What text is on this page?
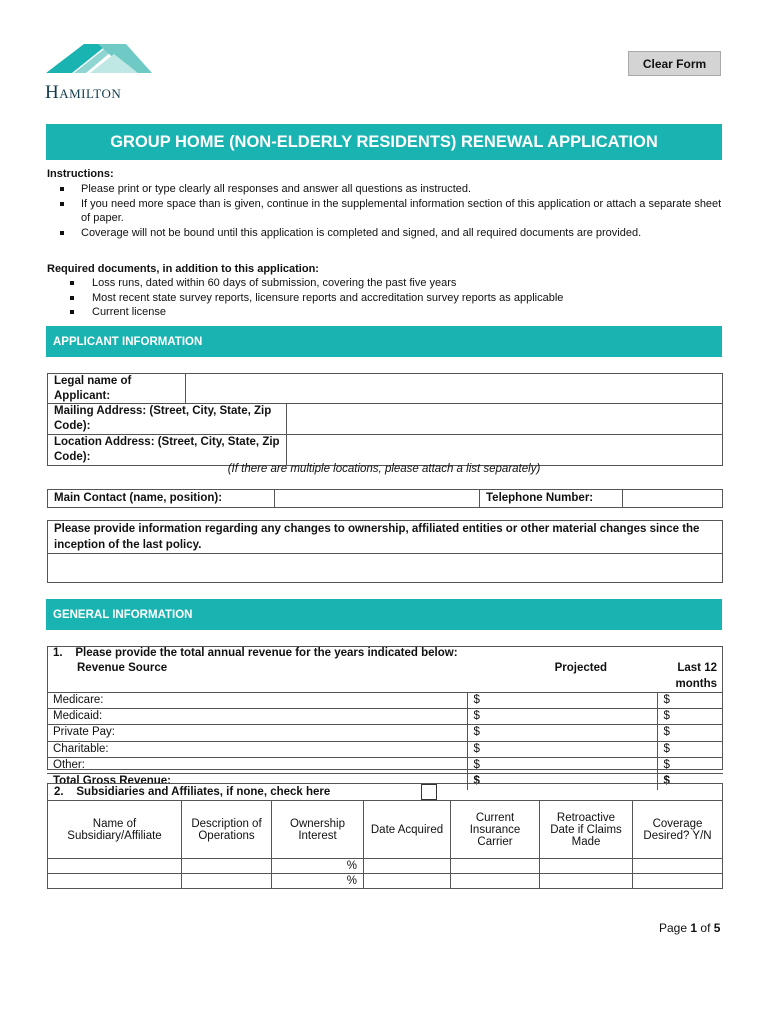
Hamilton
Clear Form
GROUP HOME (NON-ELDERLY RESIDENTS) RENEWAL APPLICATION
Instructions:
Please print or type clearly all responses and answer all questions as instructed.
If you need more space than is given, continue in the supplemental information section of this application or attach a separate sheet of paper.
Coverage will not be bound until this application is completed and signed, and all required documents are provided.
Required documents, in addition to this application:
Loss runs, dated within 60 days of submission, covering the past five years
Most recent state survey reports, licensure reports and accreditation survey reports as applicable
Current license
APPLICANT INFORMATION
Legal name of Applicant:	
Mailing Address: (Street, City, State, Zip Code):	
Location Address: (Street, City, State, Zip Code):	
(If there are multiple locations, please attach a list separately)
Main Contact (name, position):		Telephone Number:	
Please provide information regarding any changes to ownership, affiliated entities or other material changes since the inception of the last policy.

GENERAL INFORMATION
1. Please provide the total annual revenue for the years indicated below:		
Revenue Source	Projected	Last 12 months
Medicare:	$	$
Medicaid:	$	$
Private Pay:	$	$
Charitable:	$	$
Other:	$	$
Total Gross Revenue:	$	$
2. Subsidiaries and Affiliates, if none, check here
Name of Subsidiary/Affiliate	Description of Operations	Ownership Interest	Date Acquired	Current Insurance Carrier	Retroactive Date if Claims Made	Coverage Desired? Y/N
		%				
		%				
Page 1 of 5
